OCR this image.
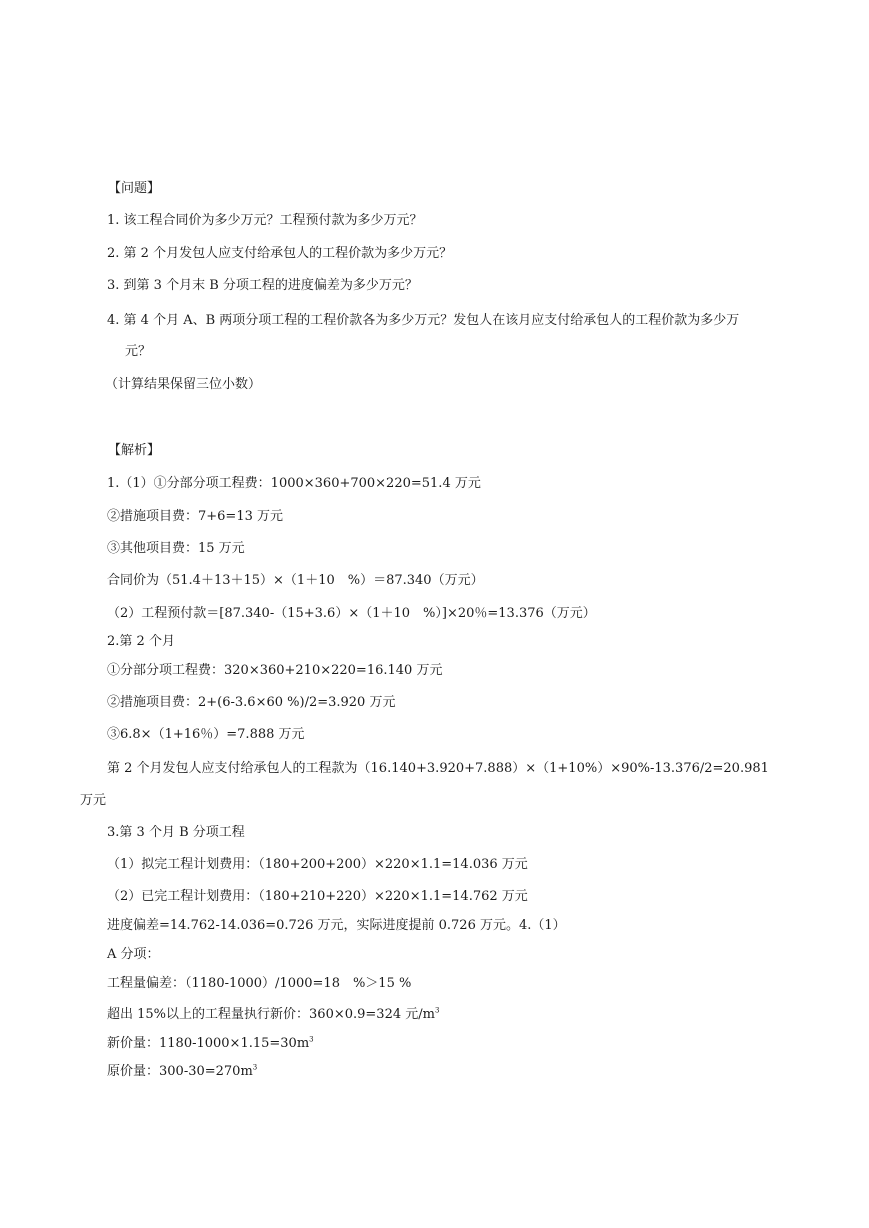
【问题】
1. 该工程合同价为多少万元？工程预付款为多少万元？
2. 第 2 个月发包人应支付给承包人的工程价款为多少万元？
3. 到第 3 个月末 B 分项工程的进度偏差为多少万元？
4. 第 4 个月 A、B 两项分项工程的工程价款各为多少万元？发包人在该月应支付给承包人的工程价款为多少万
元？
（计算结果保留三位小数）
【解析】
1.（1）①分部分项工程费：1000×360+700×220=51.4 万元
②措施项目费：7+6=13 万元
③其他项目费：15 万元
合同价为（51.4＋13＋15）×（1＋10　%）＝87.340（万元）
（2）工程预付款＝[87.340-（15+3.6）×（1＋10　%）]×20％=13.376（万元）
2.第 2 个月
①分部分项工程费：320×360+210×220=16.140 万元
②措施项目费：2+(6-3.6×60 %)/2=3.920 万元
③6.8×（1+16％）=7.888 万元
第 2 个月发包人应支付给承包人的工程款为（16.140+3.920+7.888）×（1+10%）×90%-13.376/2=20.981
万元
3.第 3 个月 B 分项工程
（1）拟完工程计划费用：（180+200+200）×220×1.1=14.036 万元
（2）已完工程计划费用：（180+210+220）×220×1.1=14.762 万元
进度偏差=14.762-14.036=0.726 万元，实际进度提前 0.726 万元。4.（1）
A 分项：
工程量偏差：（1180-1000）/1000=18　%＞15 %
超出 15%以上的工程量执行新价：360×0.9=324 元$/m^3$
新价量：$1180-1000\times 1.15=30m^3$
原价量：$300-30=270m^3$
